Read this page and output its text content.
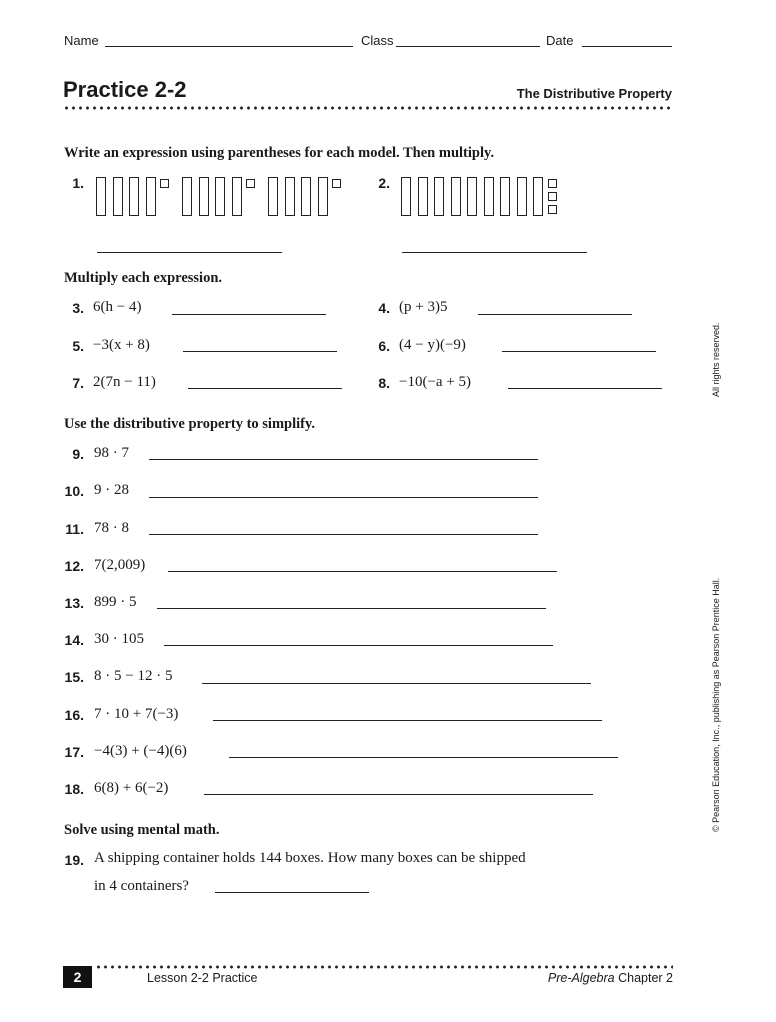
Name	Class	Date
Practice 2-2	The Distributive Property
Write an expression using parentheses for each model. Then multiply.
1.	2.
Multiply each expression.
3. 6(h − 4)	4. (p + 3)5
5. −3(x + 8)	6. (4 − y)(−9)
7. 2(7n − 11)	8. −10(−a + 5)
Use the distributive property to simplify.
9. 98 · 7
10. 9 · 28
11. 78 · 8
12. 7(2,009)
13. 899 · 5
14. 30 · 105
15. 8 · 5 − 12 · 5
16. 7 · 10 + 7(−3)
17. −4(3) + (−4)(6)
18. 6(8) + 6(−2)
Solve using mental math.
19. A shipping container holds 144 boxes. How many boxes can be shipped
in 4 containers?
All rights reserved.
© Pearson Education, Inc., publishing as Pearson Prentice Hall.
2	Lesson 2-2 Practice	Pre-Algebra Chapter 2
